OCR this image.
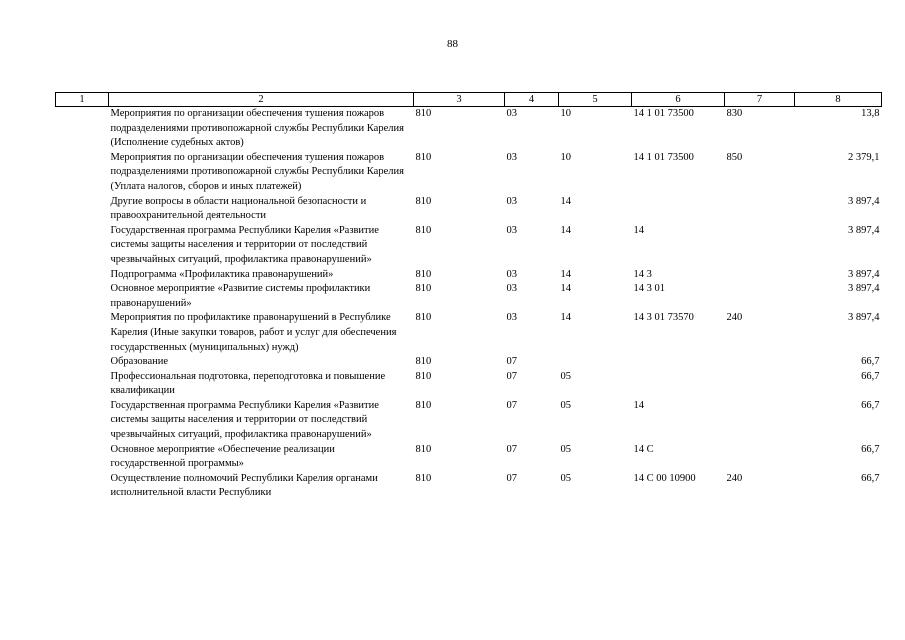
88
1	2	3	4	5	6	7	8
	Мероприятия по организации обеспечения тушения пожаров подразделениями противопожарной службы Республики Карелия (Исполнение судебных актов)	810	03	10	14 1 01 73500	830	13,8
	Мероприятия по организации обеспечения тушения пожаров подразделениями противопожарной службы Республики Карелия (Уплата налогов, сборов и иных платежей)	810	03	10	14 1 01 73500	850	2 379,1
	Другие вопросы в области национальной безопасности и правоохранительной деятельности	810	03	14			3 897,4
	Государственная программа Республики Карелия «Развитие системы защиты населения и территории от последствий чрезвычайных ситуаций, профилактика правонарушений»	810	03	14	14		3 897,4
	Подпрограмма «Профилактика правонарушений»	810	03	14	14 3		3 897,4
	Основное мероприятие «Развитие системы профилактики правонарушений»	810	03	14	14 3 01		3 897,4
	Мероприятия по профилактике правонарушений в Республике Карелия (Иные закупки товаров, работ и услуг для обеспечения государственных (муниципальных) нужд)	810	03	14	14 3 01 73570	240	3 897,4
	Образование	810	07				66,7
	Профессиональная подготовка, переподготовка и повышение квалификации	810	07	05			66,7
	Государственная программа Республики Карелия «Развитие системы защиты населения и территории от последствий чрезвычайных ситуаций, профилактика правонарушений»	810	07	05	14		66,7
	Основное мероприятие «Обеспечение реализации государственной программы»	810	07	05	14 С		66,7
	Осуществление полномочий Республики Карелия органами исполнительной власти Республики	810	07	05	14 С 00 10900	240	66,7
